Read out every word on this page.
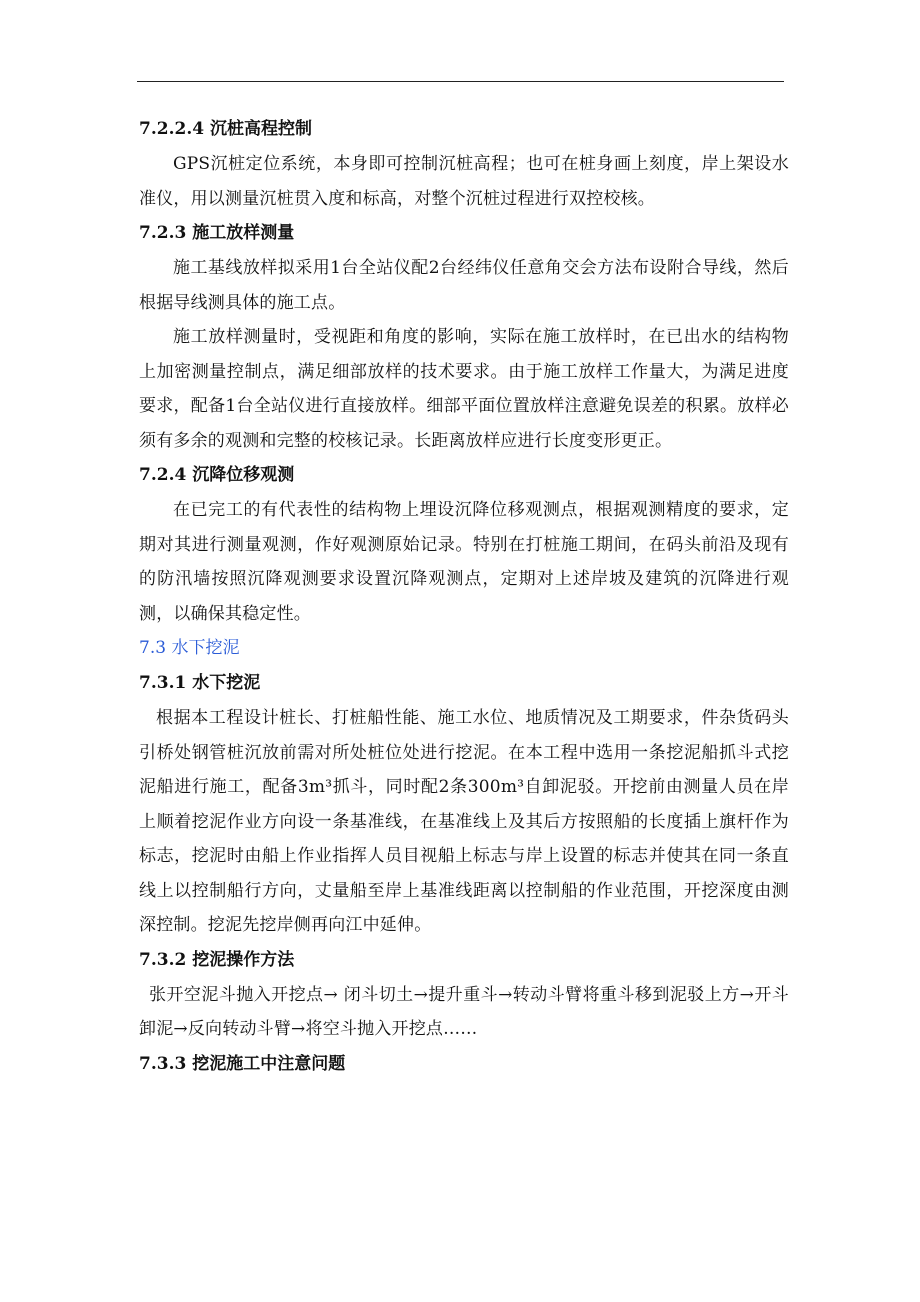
7.2.2.4 沉桩高程控制
GPS沉桩定位系统，本身即可控制沉桩高程；也可在桩身画上刻度，岸上架设水准仪，用以测量沉桩贯入度和标高，对整个沉桩过程进行双控校核。
7.2.3 施工放样测量
施工基线放样拟采用1台全站仪配2台经纬仪任意角交会方法布设附合导线，然后根据导线测具体的施工点。
施工放样测量时，受视距和角度的影响，实际在施工放样时，在已出水的结构物上加密测量控制点，满足细部放样的技术要求。由于施工放样工作量大，为满足进度要求，配备1台全站仪进行直接放样。细部平面位置放样注意避免误差的积累。放样必须有多余的观测和完整的校核记录。长距离放样应进行长度变形更正。
7.2.4 沉降位移观测
在已完工的有代表性的结构物上埋设沉降位移观测点，根据观测精度的要求，定期对其进行测量观测，作好观测原始记录。特别在打桩施工期间，在码头前沿及现有的防汛墙按照沉降观测要求设置沉降观测点，定期对上述岸坡及建筑的沉降进行观测，以确保其稳定性。
7.3 水下挖泥
7.3.1 水下挖泥
根据本工程设计桩长、打桩船性能、施工水位、地质情况及工期要求，件杂货码头引桥处钢管桩沉放前需对所处桩位处进行挖泥。在本工程中选用一条挖泥船抓斗式挖泥船进行施工，配备3m³抓斗，同时配2条300m³自卸泥驳。开挖前由测量人员在岸上顺着挖泥作业方向设一条基准线，在基准线上及其后方按照船的长度插上旗杆作为标志，挖泥时由船上作业指挥人员目视船上标志与岸上设置的标志并使其在同一条直线上以控制船行方向，丈量船至岸上基准线距离以控制船的作业范围，开挖深度由测深控制。挖泥先挖岸侧再向江中延伸。
7.3.2 挖泥操作方法
张开空泥斗抛入开挖点→ 闭斗切土→提升重斗→转动斗臂将重斗移到泥驳上方→开斗卸泥→反向转动斗臂→将空斗抛入开挖点……
7.3.3 挖泥施工中注意问题
